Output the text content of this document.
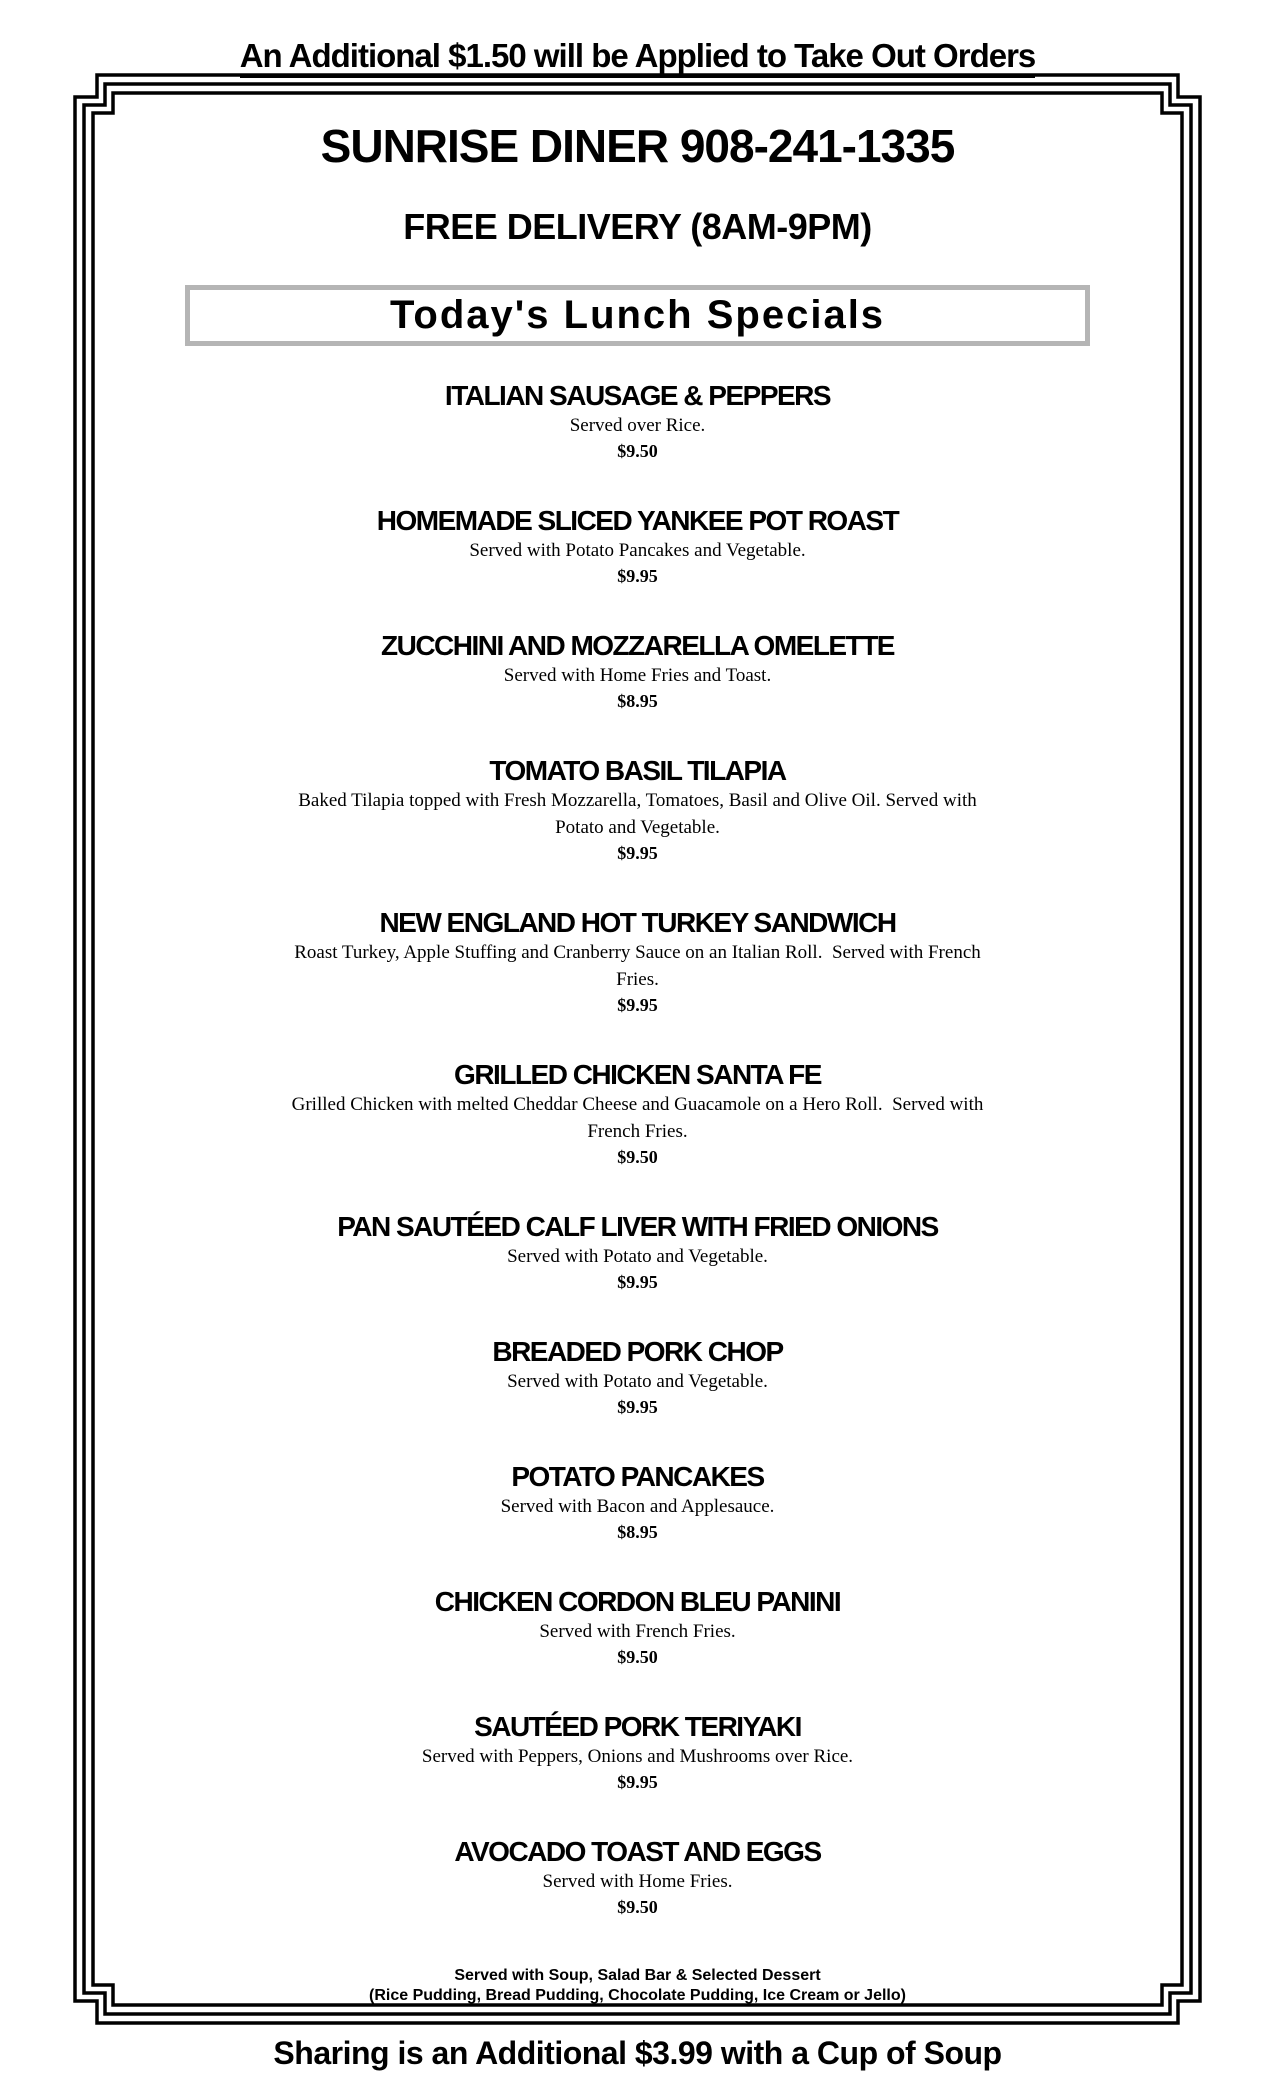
An Additional $1.50 will be Applied to Take Out Orders
SUNRISE DINER 908-241-1335
FREE DELIVERY (8AM-9PM)
Today's Lunch Specials
ITALIAN SAUSAGE & PEPPERS
Served over Rice.
$9.50
HOMEMADE SLICED YANKEE POT ROAST
Served with Potato Pancakes and Vegetable.
$9.95
ZUCCHINI AND MOZZARELLA OMELETTE
Served with Home Fries and Toast.
$8.95
TOMATO BASIL TILAPIA
Baked Tilapia topped with Fresh Mozzarella, Tomatoes, Basil and Olive Oil. Served with
Potato and Vegetable.
$9.95
NEW ENGLAND HOT TURKEY SANDWICH
Roast Turkey, Apple Stuffing and Cranberry Sauce on an Italian Roll.  Served with French
Fries.
$9.95
GRILLED CHICKEN SANTA FE
Grilled Chicken with melted Cheddar Cheese and Guacamole on a Hero Roll.  Served with
French Fries.
$9.50
PAN SAUTÉED CALF LIVER WITH FRIED ONIONS
Served with Potato and Vegetable.
$9.95
BREADED PORK CHOP
Served with Potato and Vegetable.
$9.95
POTATO PANCAKES
Served with Bacon and Applesauce.
$8.95
CHICKEN CORDON BLEU PANINI
Served with French Fries.
$9.50
SAUTÉED PORK TERIYAKI
Served with Peppers, Onions and Mushrooms over Rice.
$9.95
AVOCADO TOAST AND EGGS
Served with Home Fries.
$9.50
Served with Soup, Salad Bar & Selected Dessert
(Rice Pudding, Bread Pudding, Chocolate Pudding, Ice Cream or Jello)
Sharing is an Additional $3.99 with a Cup of Soup
